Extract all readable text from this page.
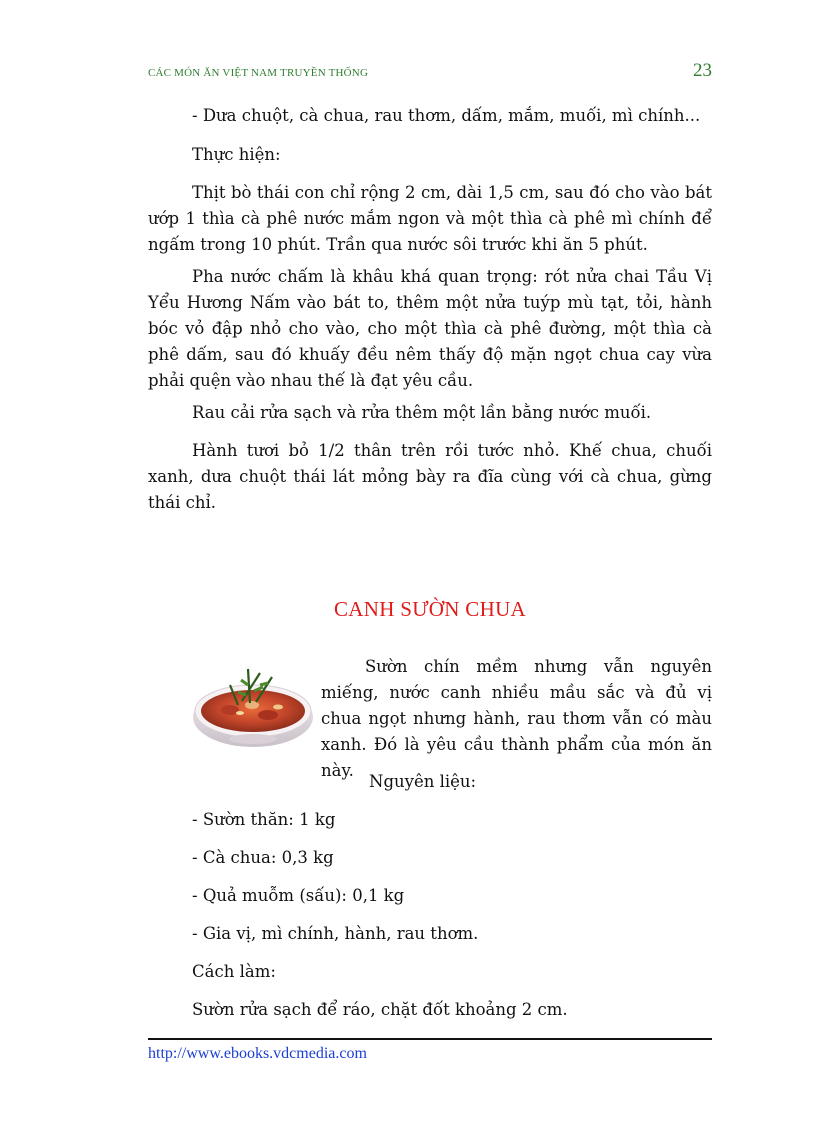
CÁC MÓN ĂN VIỆT NAM TRUYỀN THỐNG	23

- Dưa chuột, cà chua, rau thơm, dấm, mắm, muối, mì chính...

Thực hiện:

Thịt bò thái con chỉ rộng 2 cm, dài 1,5 cm, sau đó cho vào bát ướp 1 thìa cà phê nước mắm ngon và một thìa cà phê mì chính để ngấm trong 10 phút. Trần qua nước sôi trước khi ăn 5 phút.

Pha nước chấm là khâu khá quan trọng: rót nửa chai Tầu Vị Yểu Hương Nấm vào bát to, thêm một nửa tuýp mù tạt, tỏi, hành bóc vỏ đập nhỏ cho vào, cho một thìa cà phê đường, một thìa cà phê dấm, sau đó khuấy đều nêm thấy độ mặn ngọt chua cay vừa phải quện vào nhau thế là đạt yêu cầu.

Rau cải rửa sạch và rửa thêm một lần bằng nước muối.

Hành tươi bỏ 1/2 thân trên rồi tước nhỏ. Khế chua, chuối xanh, dưa chuột thái lát mỏng bày ra đĩa cùng với cà chua, gừng thái chỉ.

CANH SƯỜN CHUA

Sườn chín mềm nhưng vẫn nguyên miếng, nước canh nhiều mầu sắc và đủ vị chua ngọt nhưng hành, rau thơm vẫn có màu xanh. Đó là yêu cầu thành phẩm của món ăn này.

Nguyên liệu:

- Sườn thăn: 1 kg

- Cà chua: 0,3 kg

- Quả muỗm (sấu): 0,1 kg

- Gia vị, mì chính, hành, rau thơm.

Cách làm:

Sườn rửa sạch để ráo, chặt đốt khoảng 2 cm.

http://www.ebooks.vdcmedia.com
